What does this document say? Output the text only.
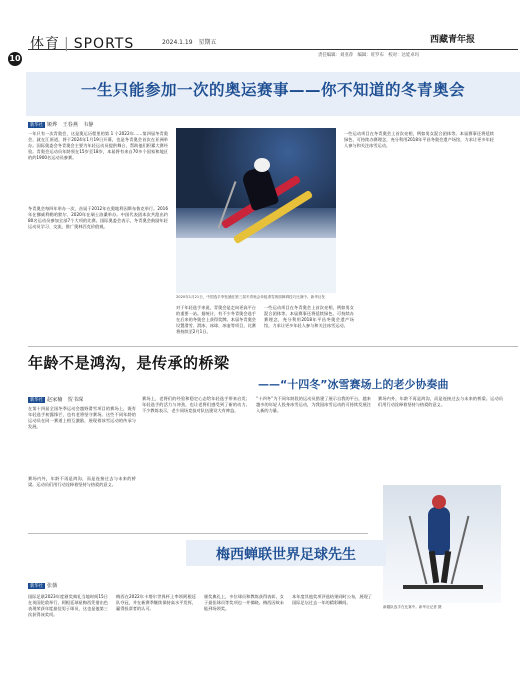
10
体育 | SPORTS	2024.1.19　星期五	西藏青年报
责任编辑：刘亚萍　编辑：旺罗布　校对：达娃卓玛
一生只能参加一次的奥运赛事——你不知道的冬青奥会
新华社 姬烨　王春燕　韦静
一年只有一次青奥会，这是奥运历程里的第 1 个2022年……第四届冬青奥会，就在江原道，将于2024年1月19日开幕，也是冬青奥会首次在亚洲举办。国际奥委会冬青奥会主要为年轻运动员提供舞台，帮助他们积累大赛经验。青奥会运动员年龄须在15岁至18岁，本届将有来自70多个国家和地区的约1900名运动员参赛。
冬青奥会每四年举办一次，首届于2012年在奥地利因斯布鲁克举行。2016年在挪威利勒哈默尔、2020年在瑞士洛桑举办。中国代表团本次共派出约80名运动员参加全部7个大项的比赛。国际奥委会表示，冬青奥会鼓励年轻运动员学习、交流，推广奥林匹克价值观。
对于年轻选手来说，青奥会是走向更高平台的重要一站。据统计，有不少冬青奥会选手在后来的冬奥会上获得奖牌。本届冬青奥会设置滑雪、滑冰、冰球、冰壶等项目，比赛将持续至2月1日。
一些运动项目在冬青奥会上首次亮相，例如男女混合团体等。本届赛事还将延续绿色、可持续办赛理念，充分利用2018年平昌冬奥会遗产场馆，力求让更多年轻人参与和关注冰雪运动。
一些运动项目在冬青奥会上首次亮相，例如男女混合团体等。本届赛事还将延续绿色、可持续办赛理念，充分利用2018年平昌冬奥会遗产场馆，力求让更多年轻人参与和关注冰雪运动。
2020年1月21日，中国选手李钰涵在第三届冬青奥会单板滑雪坡面障碍技巧比赛中。新华社发
年龄不是鸿沟，是传承的桥梁
——“十四冬”冰雪赛场上的老少协奏曲
新华社 赵家楠　贺书琛
在第十四届全国冬季运动会越野滑雪项目的赛场上，既有年轻选手初露锋芒，也有老将坚守赛场。这些不同年龄的运动员在同一赛道上相互激励，展现着冰雪运动的传承与发展。
赛场上，老将们的经验和稳定心态给年轻选手带来启发；年轻选手的活力与冲劲，也让老将们感受到了新的动力。不少教练表示，老少同场竞技对队伍建设大有裨益。
“十四冬”为不同年龄段的运动员搭建了展示自我的平台，越来越多的年轻人投身冰雪运动，为我国冰雪运动的可持续发展注入新的力量。
赛场内外，年龄不再是鸿沟，而是连接过去与未来的桥梁。运动员们用行动诠释着坚持与热爱的意义。
赛场内外，年龄不再是鸿沟，而是连接过去与未来的桥梁。运动员们用行动诠释着坚持与热爱的意义。
新疆队选手在比赛中。新华社记者 摄
梅西蝉联世界足球先生
新华社 张薇
国际足联2023年度颁奖典礼当地时间15日在英国伦敦举行，阿根廷球星梅西凭借出色表现荣获年度最佳男子球员，这也是他第三次获得该奖项。
梅西在2022年卡塔尔世界杯上率领阿根廷队夺冠，并在新赛季继续保持高水平发挥，赢得投票者的认可。
颁奖典礼上，多位球员和教练获得表彰，女子最佳球员等奖项也一并揭晓。梅西因故未能到场领奖。
本年度其他奖项评选结果同时公布，展现了国际足坛过去一年的精彩瞬间。
